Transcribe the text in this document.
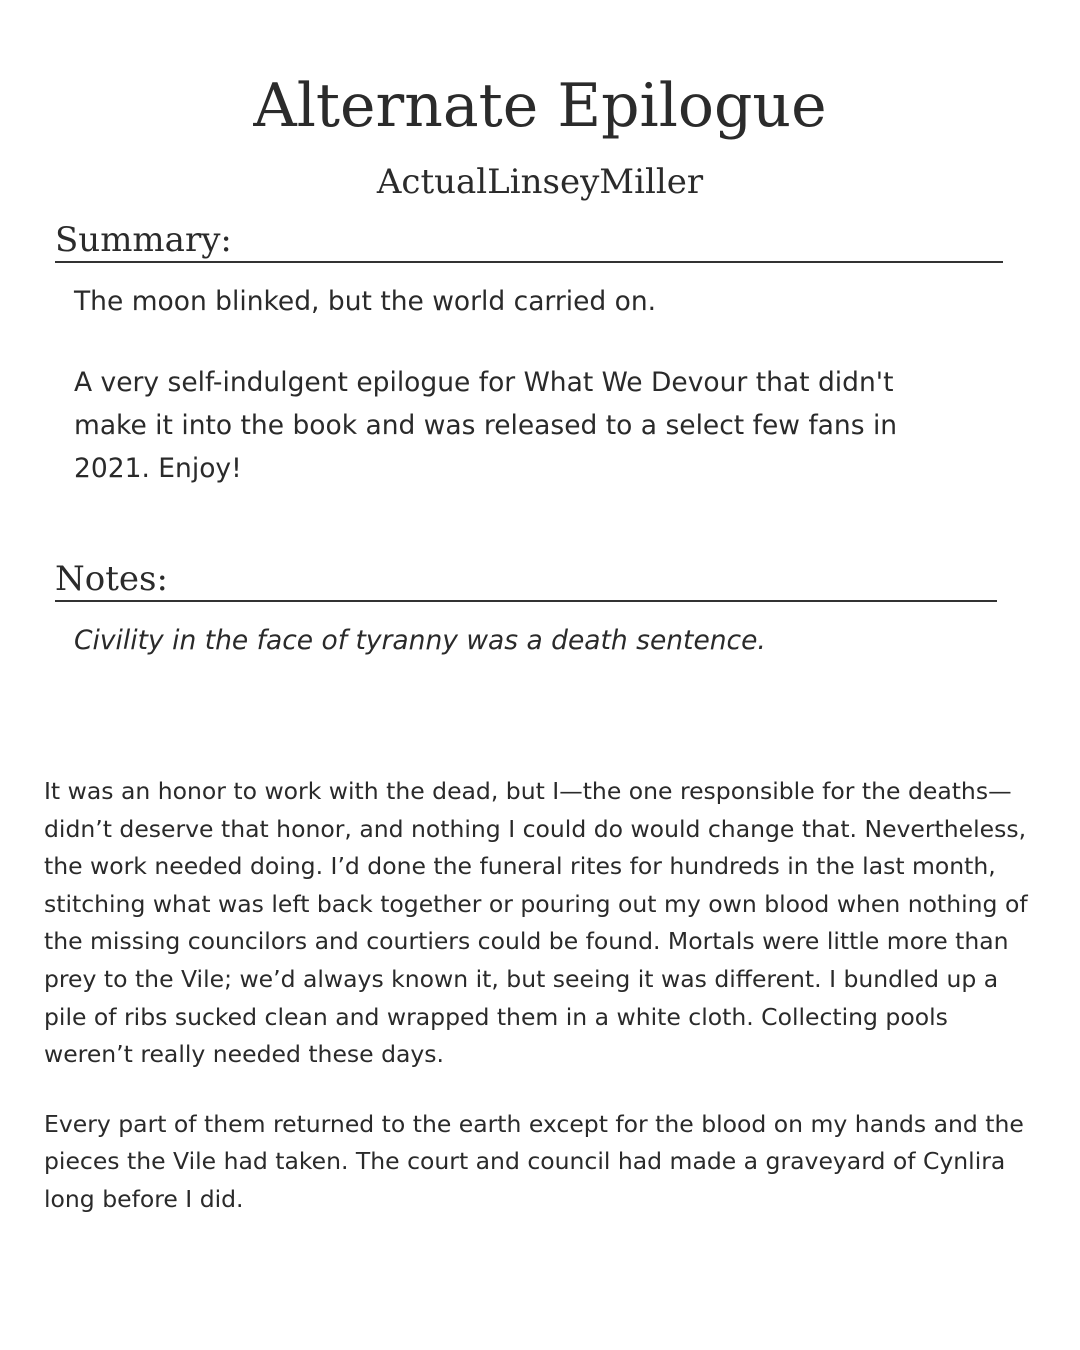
Alternate Epilogue
ActualLinseyMiller
Summary:

The moon blinked, but the world carried on.

A very self-indulgent epilogue for What We Devour that didn't make it into the book and was released to a select few fans in 2021. Enjoy!

Notes:

Civility in the face of tyranny was a death sentence.

It was an honor to work with the dead, but I—the one responsible for the deaths—didn’t deserve that honor, and nothing I could do would change that. Nevertheless, the work needed doing. I’d done the funeral rites for hundreds in the last month, stitching what was left back together or pouring out my own blood when nothing of the missing councilors and courtiers could be found. Mortals were little more than prey to the Vile; we’d always known it, but seeing it was different. I bundled up a pile of ribs sucked clean and wrapped them in a white cloth. Collecting pools weren’t really needed these days.

Every part of them returned to the earth except for the blood on my hands and the pieces the Vile had taken. The court and council had made a graveyard of Cynlira long before I did.
